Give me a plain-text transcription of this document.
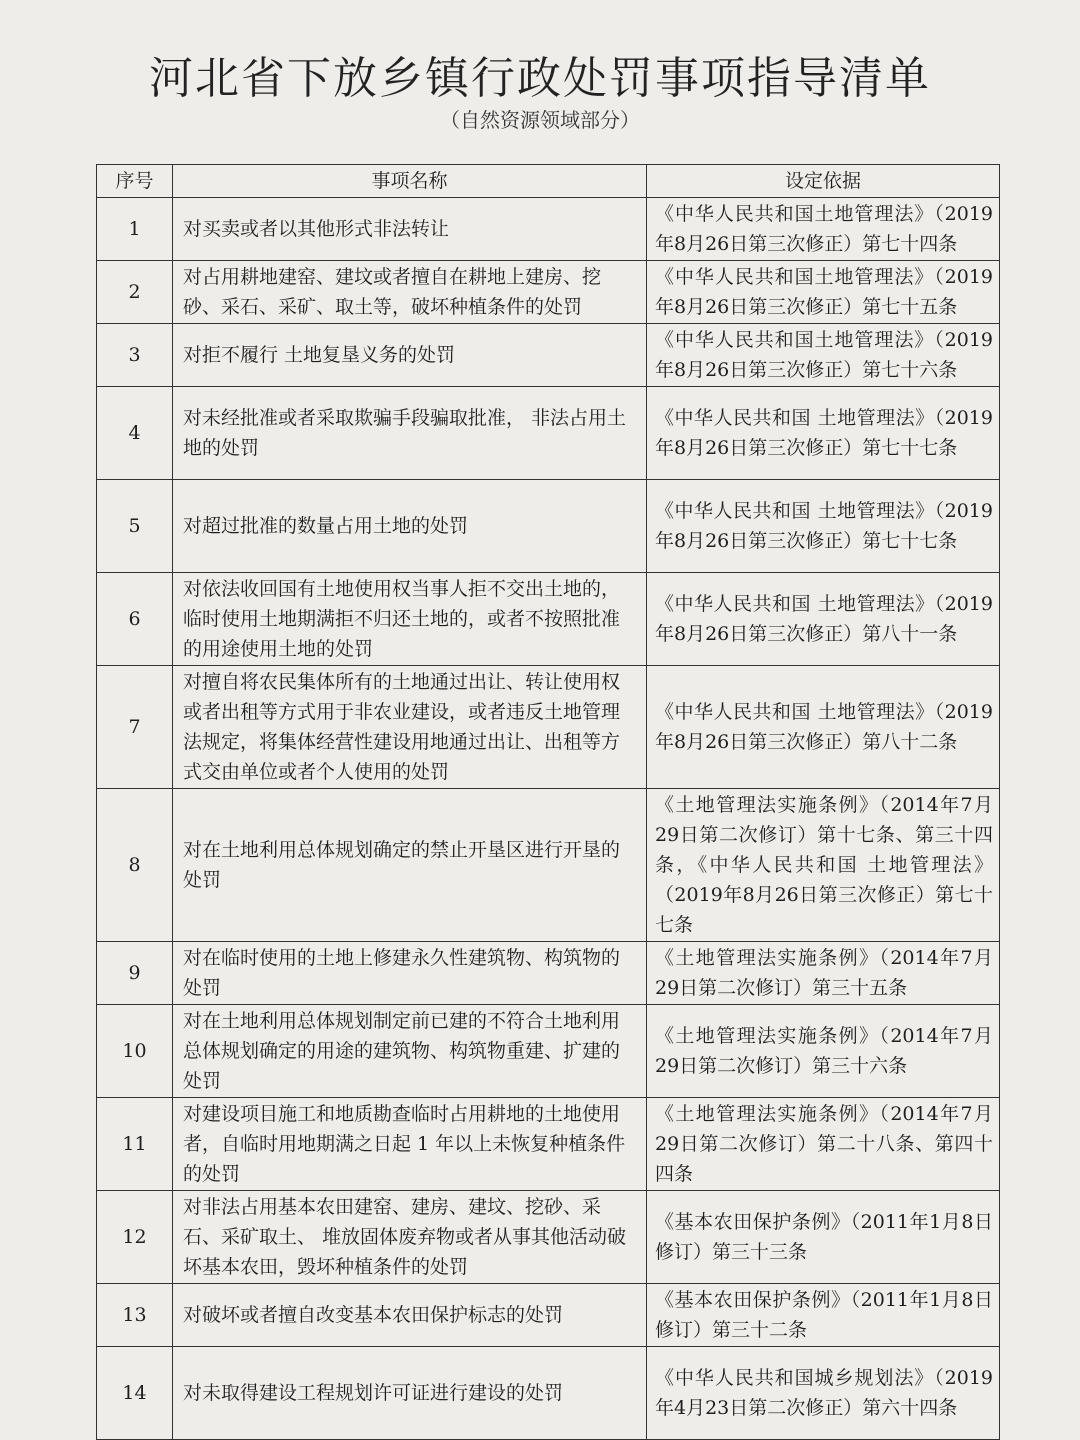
河北省下放乡镇行政处罚事项指导清单
（自然资源领域部分）
序号	事项名称	设定依据
1	对买卖或者以其他形式非法转让	《中华人民共和国土地管理法》（2019年8月26日第三次修正）第七十四条
2	对占用耕地建窑、建坟或者擅自在耕地上建房、挖砂、采石、采矿、取土等，破坏种植条件的处罚	《中华人民共和国土地管理法》（2019年8月26日第三次修正）第七十五条
3	对拒不履行 土地复垦义务的处罚	《中华人民共和国土地管理法》（2019年8月26日第三次修正）第七十六条
4	对未经批准或者采取欺骗手段骗取批准， 非法占用土地的处罚	《中华人民共和国 土地管理法》（2019年8月26日第三次修正）第七十七条
5	对超过批准的数量占用土地的处罚	《中华人民共和国 土地管理法》（2019年8月26日第三次修正）第七十七条
6	对依法收回国有土地使用权当事人拒不交出土地的，临时使用土地期满拒不归还土地的，或者不按照批准的用途使用土地的处罚	《中华人民共和国 土地管理法》（2019年8月26日第三次修正）第八十一条
7	对擅自将农民集体所有的土地通过出让、转让使用权或者出租等方式用于非农业建设，或者违反土地管理法规定，将集体经营性建设用地通过出让、出租等方式交由单位或者个人使用的处罚	《中华人民共和国 土地管理法》（2019年8月26日第三次修正）第八十二条
8	对在土地利用总体规划确定的禁止开垦区进行开垦的处罚	《土地管理法实施条例》（2014年7月29日第二次修订）第十七条、第三十四条，《中华人民共和国 土地管理法》（2019年8月26日第三次修正）第七十七条
9	对在临时使用的土地上修建永久性建筑物、构筑物的处罚	《土地管理法实施条例》（2014年7月29日第二次修订）第三十五条
10	对在土地利用总体规划制定前已建的不符合土地利用总体规划确定的用途的建筑物、构筑物重建、扩建的处罚	《土地管理法实施条例》（2014年7月29日第二次修订）第三十六条
11	对建设项目施工和地质勘查临时占用耕地的土地使用者，自临时用地期满之日起 1 年以上未恢复种植条件的处罚	《土地管理法实施条例》（2014年7月29日第二次修订）第二十八条、第四十四条
12	对非法占用基本农田建窑、建房、建坟、挖砂、采石、采矿取土、 堆放固体废弃物或者从事其他活动破坏基本农田，毁坏种植条件的处罚	《基本农田保护条例》（2011年1月8日修订）第三十三条
13	对破坏或者擅自改变基本农田保护标志的处罚	《基本农田保护条例》（2011年1月8日修订）第三十二条
14	对未取得建设工程规划许可证进行建设的处罚	《中华人民共和国城乡规划法》（2019年4月23日第二次修正）第六十四条
